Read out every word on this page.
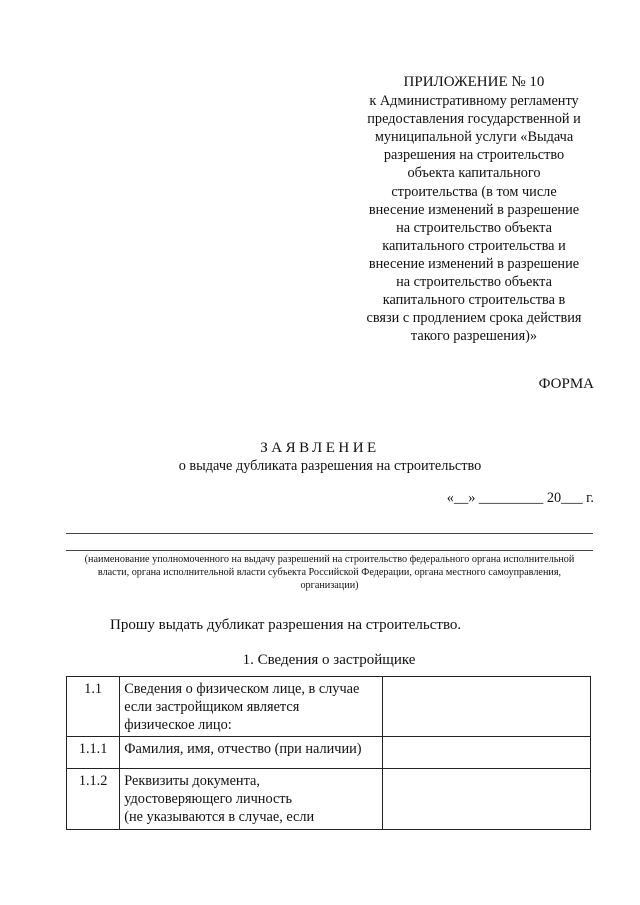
ПРИЛОЖЕНИЕ № 10
к Административному регламенту
предоставления государственной и
муниципальной услуги «Выдача
разрешения на строительство
объекта капитального
строительства (в том числе
внесение изменений в разрешение
на строительство объекта
капитального строительства и
внесение изменений в разрешение
на строительство объекта
капитального строительства в
связи с продлением срока действия
такого разрешения)»
ФОРМА
ЗАЯВЛЕНИЕ
о выдаче дубликата разрешения на строительство
«__» _________ 20___ г.
(наименование уполномоченного на выдачу разрешений на строительство федерального органа исполнительной
власти, органа исполнительной власти субъекта Российской Федерации, органа местного самоуправления,
организации)
Прошу выдать дубликат разрешения на строительство.
1. Сведения о застройщике
1.1	Сведения о физическом лице, в случае
если застройщиком является
физическое лицо:	

1.1.1	Фамилия, имя, отчество (при наличии)	

1.1.2	Реквизиты документа,
удостоверяющего личность
(не указываются в случае, если	
